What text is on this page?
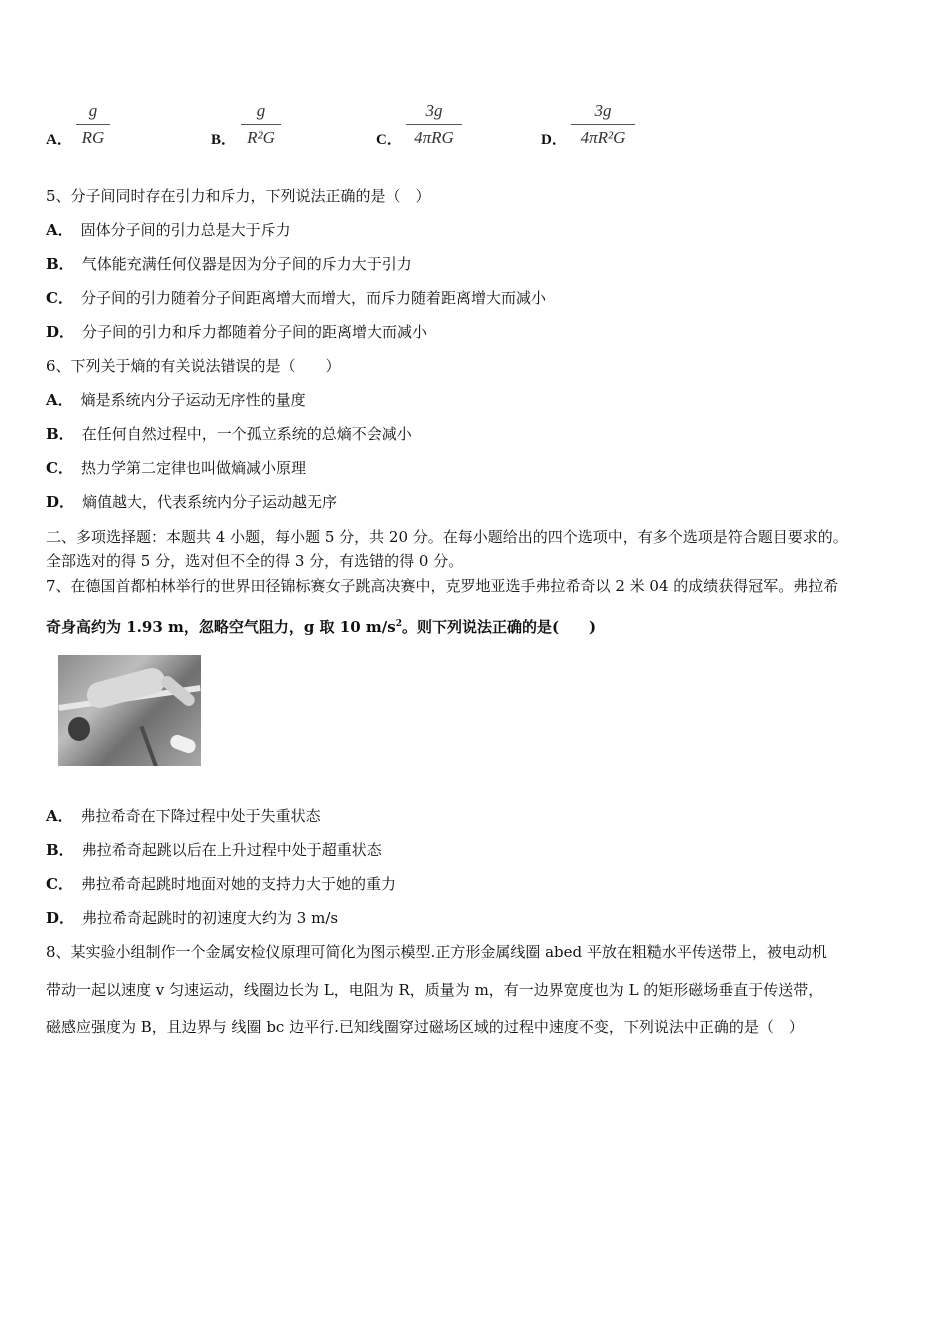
A．
g
RG	B．
g
R²G	C．
3g
4πRG	D．
3g
4πR²G
5、分子间同时存在引力和斥力，下列说法正确的是（　）
A． 固体分子间的引力总是大于斥力
B． 气体能充满任何仪器是因为分子间的斥力大于引力
C． 分子间的引力随着分子间距离增大而增大，而斥力随着距离增大而减小
D． 分子间的引力和斥力都随着分子间的距离增大而减小
6、下列关于熵的有关说法错误的是（　　）
A． 熵是系统内分子运动无序性的量度
B． 在任何自然过程中，一个孤立系统的总熵不会减小
C． 热力学第二定律也叫做熵减小原理
D． 熵值越大，代表系统内分子运动越无序
二、多项选择题：本题共 4 小题，每小题 5 分，共 20 分。在每小题给出的四个选项中，有多个选项是符合题目要求的。
全部选对的得 5 分，选对但不全的得 3 分，有选错的得 0 分。
7、在德国首都柏林举行的世界田径锦标赛女子跳高决赛中，克罗地亚选手弗拉希奇以 2 米 04 的成绩获得冠军。弗拉希
奇身高约为 1.93 m，忽略空气阻力，g 取 10 $m/s^2$。则下列说法正确的是(　　)
A． 弗拉希奇在下降过程中处于失重状态
B． 弗拉希奇起跳以后在上升过程中处于超重状态
C． 弗拉希奇起跳时地面对她的支持力大于她的重力
D． 弗拉希奇起跳时的初速度大约为 3 m/s
8、某实验小组制作一个金属安检仪原理可简化为图示模型.正方形金属线圈 abed 平放在粗糙水平传送带上，被电动机
带动一起以速度 v 匀速运动，线圈边长为 L，电阻为 R，质量为 m，有一边界宽度也为 L 的矩形磁场垂直于传送带，
磁感应强度为 B，且边界与 线圈 bc 边平行.已知线圈穿过磁场区域的过程中速度不变，下列说法中正确的是（　）
